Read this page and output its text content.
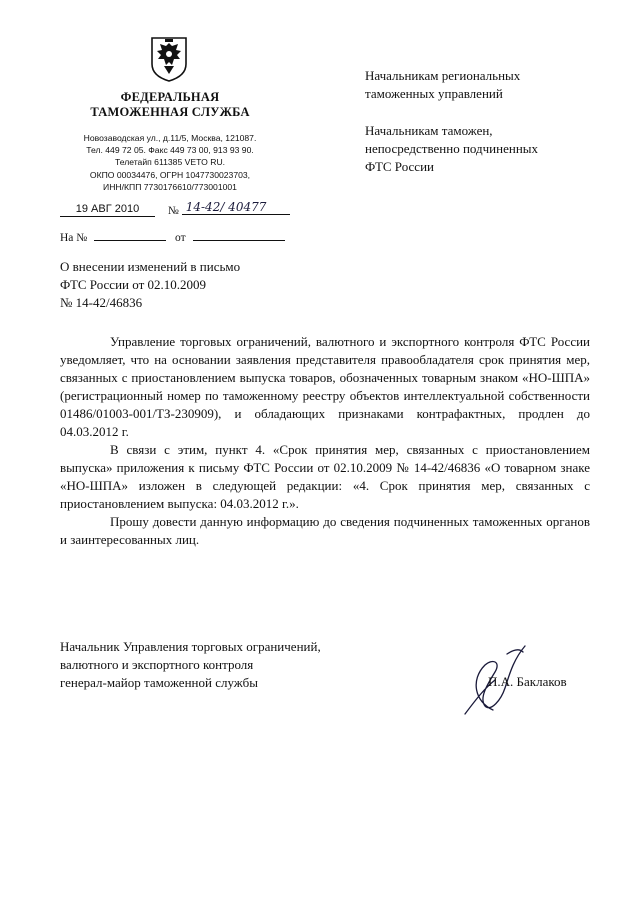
ФЕДЕРАЛЬНАЯ
ТАМОЖЕННАЯ СЛУЖБА
Новозаводская ул., д.11/5, Москва, 121087.
Тел. 449 72 05. Факс 449 73 00, 913 93 90.
Телетайп 611385 VETO RU.
ОКПО 00034476, ОГРН 1047730023703,
ИНН/КПП 7730176610/773001001
19 АВГ 2010 № 14-42/ 40477
На №	от
Начальникам региональных
таможенных управлений
Начальникам таможен,
непосредственно подчиненных
ФТС России
О внесении изменений в письмо
ФТС России от 02.10.2009
№ 14-42/46836

Управление торговых ограничений, валютного и экспортного контроля ФТС России уведомляет, что на основании заявления представителя правообладателя срок принятия мер, связанных с приостановлением выпуска товаров, обозначенных товарным знаком «НО-ШПА» (регистрационный номер по таможенному реестру объектов интеллектуальной собственности 01486/01003-001/ТЗ-230909), и обладающих признаками контрафактных, продлен до 04.03.2012 г.

В связи с этим, пункт 4. «Срок принятия мер, связанных с приостановлением выпуска» приложения к письму ФТС России от 02.10.2009 № 14-42/46836 «О товарном знаке «НО-ШПА» изложен в следующей редакции: «4. Срок принятия мер, связанных с приостановлением выпуска: 04.03.2012 г.».

Прошу довести данную информацию до сведения подчиненных таможенных органов и заинтересованных лиц.

Начальник Управления торговых ограничений,
валютного и экспортного контроля
генерал-майор таможенной службы	П.А. Баклаков
